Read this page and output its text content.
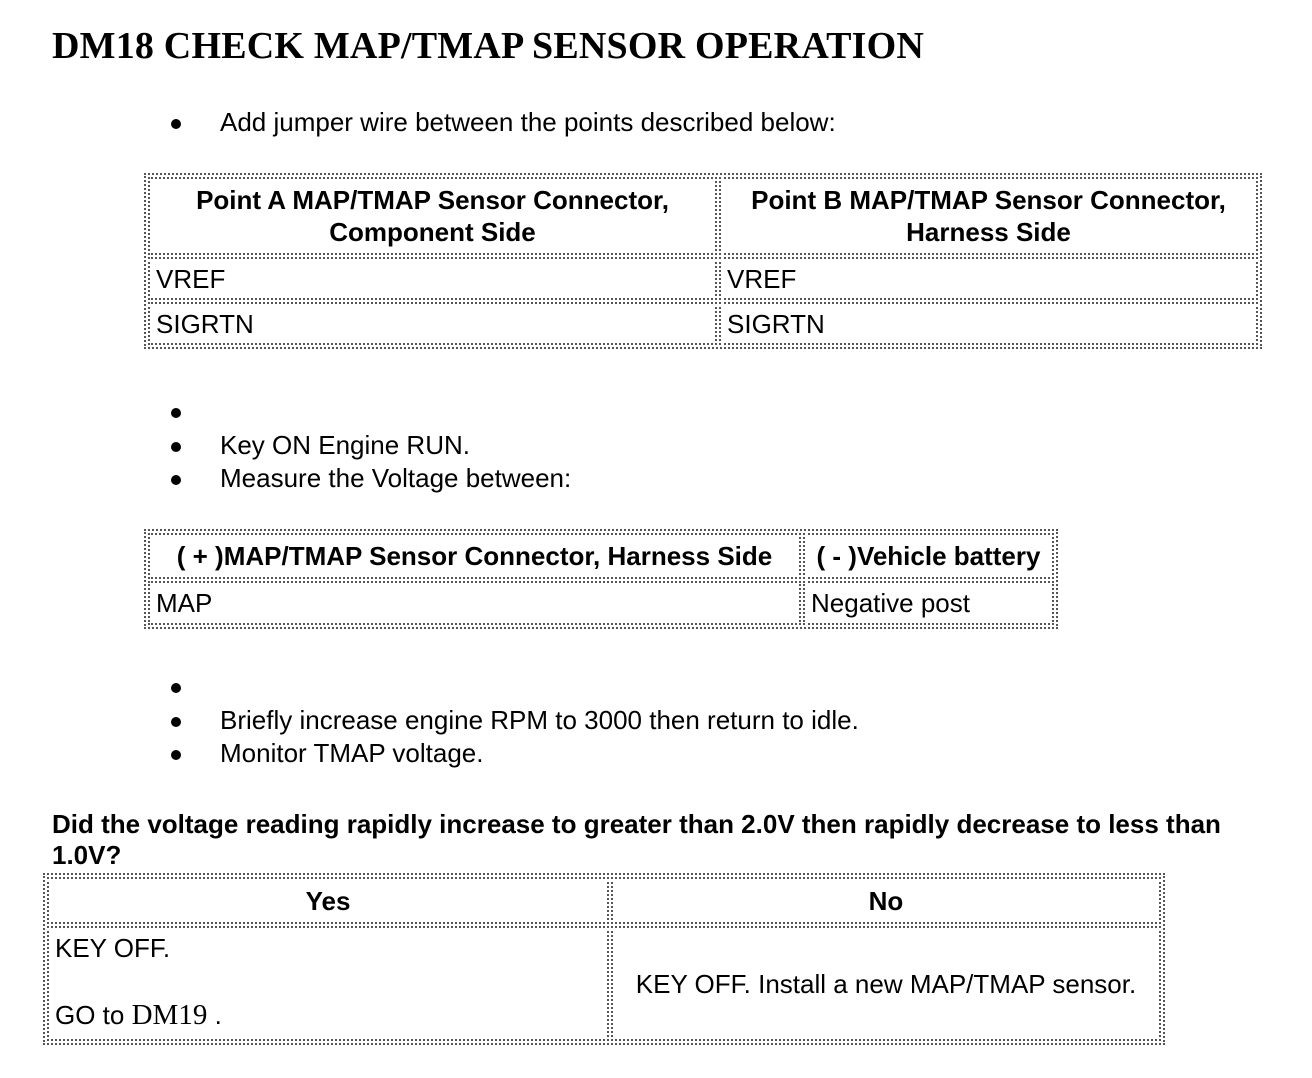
DM18 CHECK MAP/TMAP SENSOR OPERATION
Add jumper wire between the points described below:
Point A MAP/TMAP Sensor Connector, Component Side	Point B MAP/TMAP Sensor Connector, Harness Side
VREF	VREF
SIGRTN	SIGRTN
Key ON Engine RUN.
Measure the Voltage between:
( + )MAP/TMAP Sensor Connector, Harness Side	( - )Vehicle battery
MAP	Negative post
Briefly increase engine RPM to 3000 then return to idle.
Monitor TMAP voltage.

Did the voltage reading rapidly increase to greater than 2.0V then rapidly decrease to less than 1.0V?

Yes	No

KEY OFF.
GO to DM19 .	KEY OFF. Install a new MAP/TMAP sensor.
